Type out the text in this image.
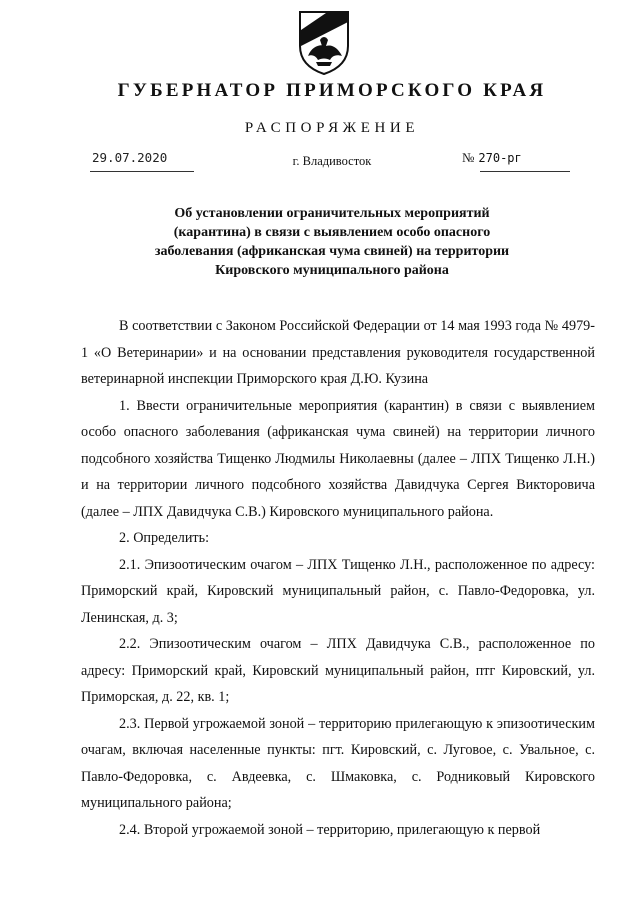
ГУБЕРНАТОР ПРИМОРСКОГО КРАЯ
РАСПОРЯЖЕНИЕ
29.07.2020	г. Владивосток	№ 270-рг
Об установлении ограничительных мероприятий
(карантина) в связи с выявлением особо опасного
заболевания (африканская чума свиней) на территории
Кировского муниципального района

В соответствии с Законом Российской Федерации от 14 мая 1993 года № 4979-1 «О Ветеринарии» и на основании представления руководителя государственной ветеринарной инспекции Приморского края Д.Ю. Кузина

1. Ввести ограничительные мероприятия (карантин) в связи с выявлением особо опасного заболевания (африканская чума свиней) на территории личного подсобного хозяйства Тищенко Людмилы Николаевны (далее – ЛПХ Тищенко Л.Н.) и на территории личного подсобного хозяйства Давидчука Сергея Викторовича (далее – ЛПХ Давидчука С.В.) Кировского муниципального района.

2. Определить:

2.1. Эпизоотическим очагом – ЛПХ Тищенко Л.Н., расположенное по адресу: Приморский край, Кировский муниципальный район, с. Павло-Федоровка, ул. Ленинская, д. 3;

2.2. Эпизоотическим очагом – ЛПХ Давидчука С.В., расположенное по адресу: Приморский край, Кировский муниципальный район, птг Кировский, ул. Приморская, д. 22, кв. 1;

2.3. Первой угрожаемой зоной – территорию прилегающую к эпизоотическим очагам, включая населенные пункты: пгт. Кировский, с. Луговое, с. Увальное, с. Павло-Федоровка, с. Авдеевка, с. Шмаковка, с. Родниковый Кировского муниципального района;

2.4. Второй угрожаемой зоной – территорию, прилегающую к первой
